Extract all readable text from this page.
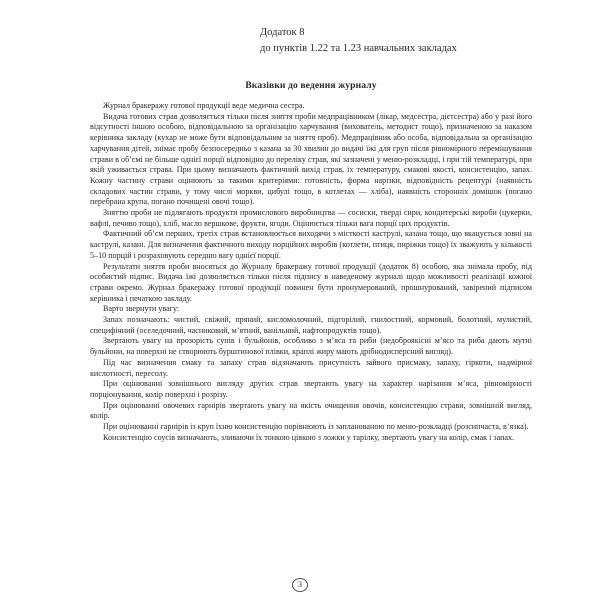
Додаток 8
до пунктів 1.22 та 1.23 навчальних закладах
Вказівки до ведення журналу

Журнал бракеражу готової продукції веде медична сестра.

Видача готових страв дозволяється тільки після зняття проби медпрацівником (лікар, медсестра, дієтсестра) або у разі його відсутності іншою особою, відповідальною за організацію харчування (вихователь, методист тощо), призначеною за наказом керівника закладу (кухар не може бути відповідальним за зняття проб). Медпрацівник або особа, відповідальна за організацію харчування дітей, знімає пробу безпосередньо з казана за 30 хвилин до видачі їжі для груп після рівномірного перемішування страви в об’ємі не більше однієї порції відповідно до переліку страв, які зазначені у меню-розкладці, і при тій температурі, при якій уживається страва. При цьому визначають фактичний вихід страв, їх температуру, смакові якості, консистенцію, запах. Кожну частину страви оцінюють за такими критеріями: готовність, форма нарізки, відповідність рецептурі (наявність складових частин страви, у тому числі моркви, цибулі тощо, в котлетах — хліба), наявність сторонніх домішок (погано перебрана крупа, погано почищені овочі тощо).

Зняттю проби не підлягають продукти промислового виробництва — сосиски, тверді сири, кондитерські вироби (цукерки, вафлі, печиво тощо), хліб, масло вершкове, фрукти, ягоди. Оцінюється тільки вага порції цих продуктів.

Фактичний об’єм перших, третіх страв встановлюється виходячи з місткості каструлі, казана тощо, що вкацується зовні на каструлі, казані. Для визначення фактичного виходу порційних виробів (котлети, птиця, пиріжки тощо) їх зважують у кількості 5–10 порцій і розраховують середню вагу однієї порції.

Результати зняття проби вносяться до Журналу бракеражу готової продукції (додаток 8) особою, яка знімала пробу, під особистий підпис. Видача їжі дозволяється тільки після підпису в наведеному журналі щодо можливості реалізації кожної страви окремо. Журнал бракеражу готової продукції повинен бути пронумерований, прошнурований, завірений підписом керівника і печаткою закладу.

Варто звернути увагу:

Запах позначають: чистий, свіжий, пряний, кисломолочний, підгорілий, гнилостний, кормовий, болотний, мулистий, специфічний (оселедочний, часниковий, м’ятний, ванільний, нафтопродуктів тощо).

Звертають увагу на прозорість супів і бульйонів, особливо з м’яса та риби (недоброякісні м’ясо та риба дають мутні бульйони, на поверхні не створюють бурштинової плівки, краплі жиру мають дрібнодисперсний вигляд).

Під час визначення смаку та запаху страв відзначають присутність зайвого присмаку, запаху, гіркоти, надмірної кислотності, пересолу.

При оцінюванні зовнішнього вигляду других страв звертають увагу на характер нарізання м’яса, рівномірності порціонування, колір поверхні і розрізу.

При оцінюванні овочевих гарнірів звертають увагу на якість очищення овочів, консистенцію страви, зовнішній вигляд, колір.

При оцінюванні гарнірів із круп їхню консистенцію порівнюють із запланованою по меню-розкладці (розсипчаста, в’язка).

Консистенцію соусів визначають, зливаючи їх тонкою цівкою з ложки у тарілку, звертають увагу на колір, смак і запах.

3
